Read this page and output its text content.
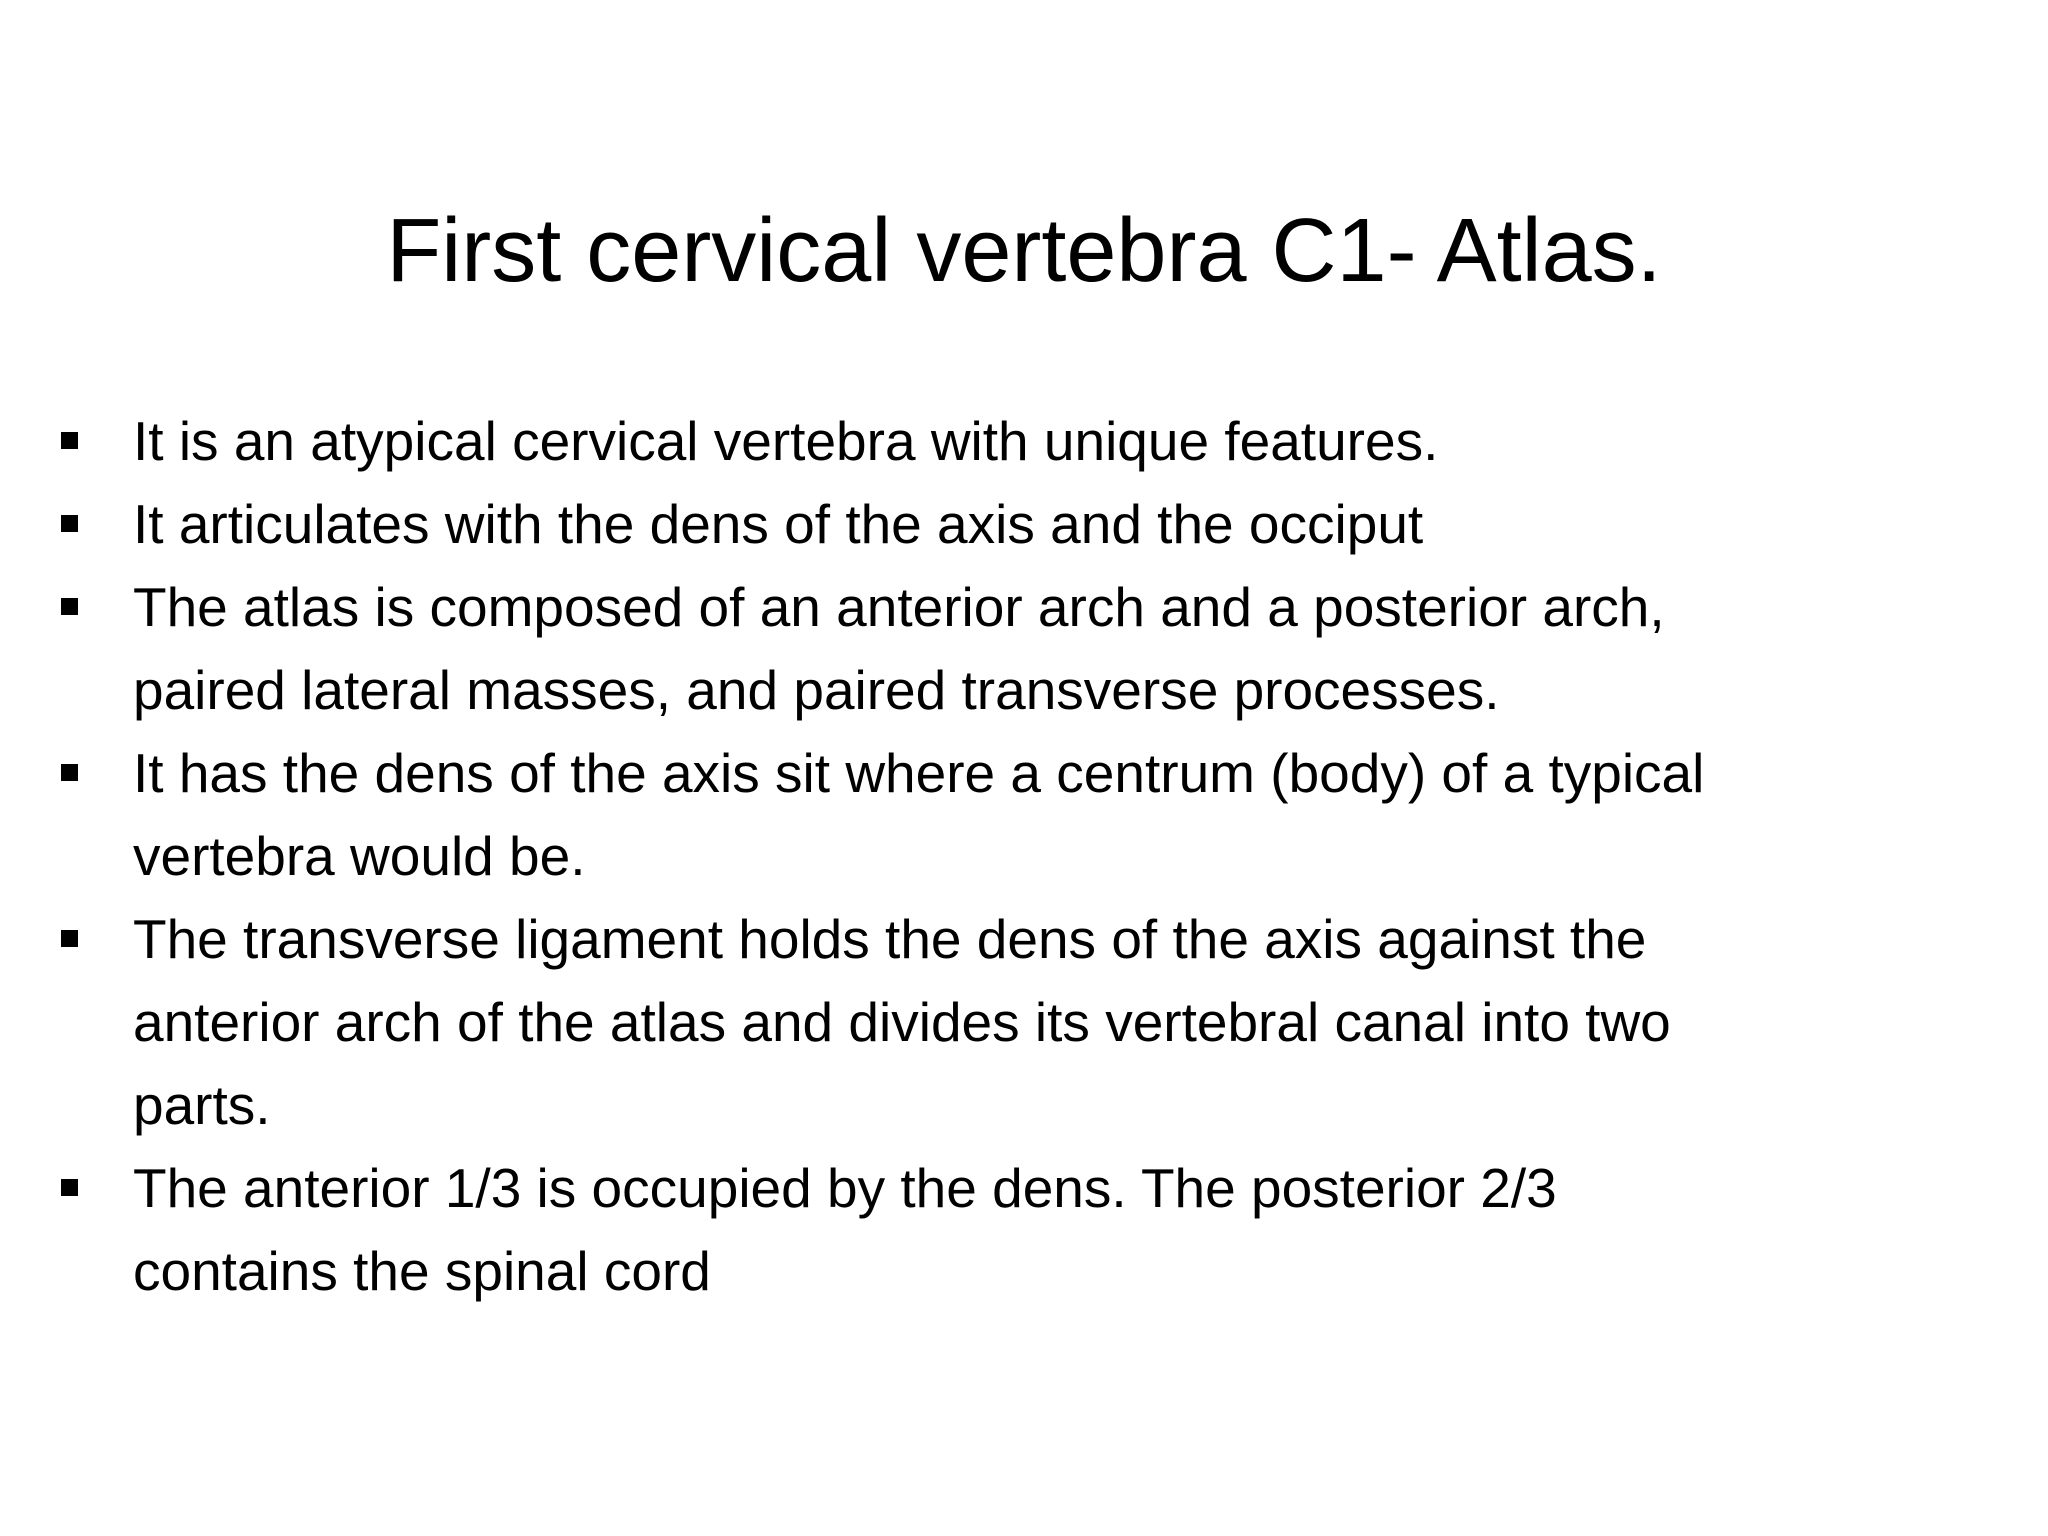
First cervical vertebra C1- Atlas.
It is an atypical cervical vertebra with unique features.
It articulates with the dens of the axis and the occiput
The atlas is composed of an anterior arch and a posterior arch,
paired lateral masses, and paired transverse processes.
It has the dens of the axis sit where a centrum (body) of a typical
vertebra would be.
The transverse ligament holds the dens of the axis against the
anterior arch of the atlas and divides its vertebral canal into two
parts.
The anterior 1/3 is occupied by the dens. The posterior 2/3
contains the spinal cord
